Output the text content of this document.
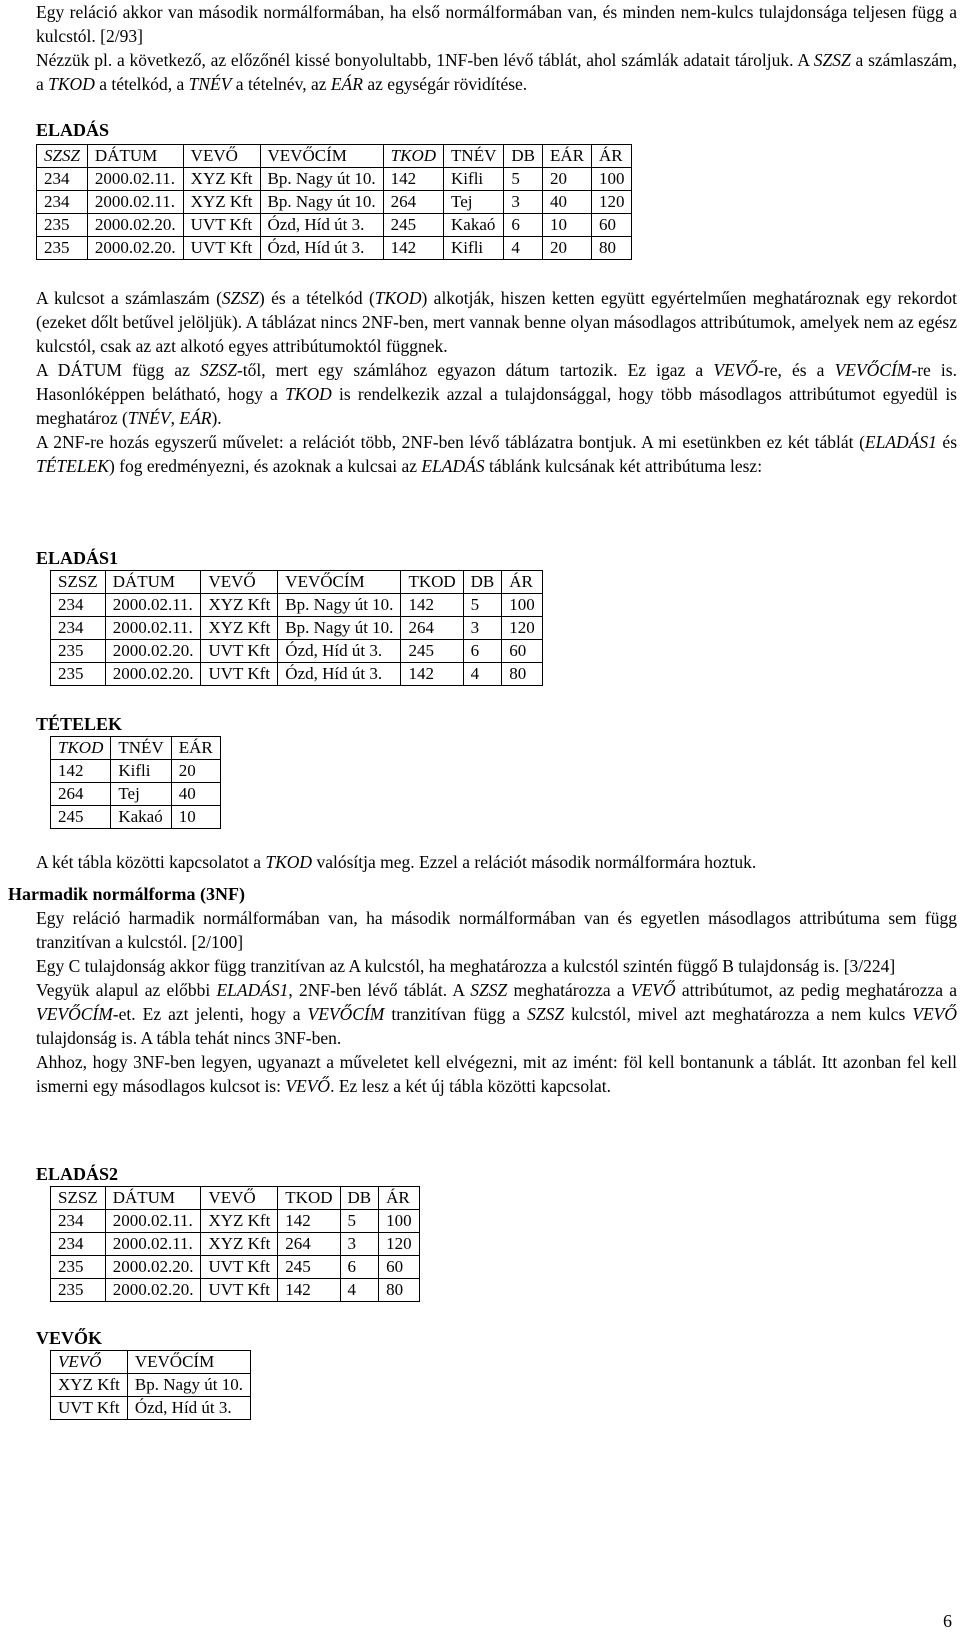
Egy reláció akkor van második normálformában, ha első normálformában van, és minden nem-kulcs tulajdonsága teljesen függ a kulcstól. [2/93]

Nézzük pl. a következő, az előzőnél kissé bonyolultabb, 1NF-ben lévő táblát, ahol számlák adatait tároljuk. A SZSZ a számlaszám, a TKOD a tételkód, a TNÉV a tételnév, az EÁR az egységár rövidítése.

ELADÁS
SZSZ	DÁTUM	VEVŐ	VEVŐCÍM	TKOD	TNÉV	DB	EÁR	ÁR
234	2000.02.11.	XYZ Kft	Bp. Nagy út 10.	142	Kifli	5	20	100
234	2000.02.11.	XYZ Kft	Bp. Nagy út 10.	264	Tej	3	40	120
235	2000.02.20.	UVT Kft	Ózd, Híd út 3.	245	Kakaó	6	10	60
235	2000.02.20.	UVT Kft	Ózd, Híd út 3.	142	Kifli	4	20	80

A kulcsot a számlaszám (SZSZ) és a tételkód (TKOD) alkotják, hiszen ketten együtt egyértelműen meghatároznak egy rekordot (ezeket dőlt betűvel jelöljük). A táblázat nincs 2NF-ben, mert vannak benne olyan másodlagos attribútumok, amelyek nem az egész kulcstól, csak az azt alkotó egyes attribútumoktól függnek.

A DÁTUM függ az SZSZ-től, mert egy számlához egyazon dátum tartozik. Ez igaz a VEVŐ-re, és a VEVŐCÍM-re is. Hasonlóképpen belátható, hogy a TKOD is rendelkezik azzal a tulajdonsággal, hogy több másodlagos attribútumot egyedül is meghatároz (TNÉV, EÁR).

A 2NF-re hozás egyszerű művelet: a relációt több, 2NF-ben lévő táblázatra bontjuk. A mi esetünkben ez két táblát (ELADÁS1 és TÉTELEK) fog eredményezni, és azoknak a kulcsai az ELADÁS táblánk kulcsának két attribútuma lesz:

ELADÁS1
SZSZ	DÁTUM	VEVŐ	VEVŐCÍM	TKOD	DB	ÁR
234	2000.02.11.	XYZ Kft	Bp. Nagy út 10.	142	5	100
234	2000.02.11.	XYZ Kft	Bp. Nagy út 10.	264	3	120
235	2000.02.20.	UVT Kft	Ózd, Híd út 3.	245	6	60
235	2000.02.20.	UVT Kft	Ózd, Híd út 3.	142	4	80
TÉTELEK
TKOD	TNÉV	EÁR
142	Kifli	20
264	Tej	40
245	Kakaó	10

A két tábla közötti kapcsolatot a TKOD valósítja meg. Ezzel a relációt második normálformára hoztuk.

Harmadik normálforma (3NF)

Egy reláció harmadik normálformában van, ha második normálformában van és egyetlen másodlagos attribútuma sem függ tranzitívan a kulcstól. [2/100]

Egy C tulajdonság akkor függ tranzitívan az A kulcstól, ha meghatározza a kulcstól szintén függő B tulajdonság is. [3/224]

Vegyük alapul az előbbi ELADÁS1, 2NF-ben lévő táblát. A SZSZ meghatározza a VEVŐ attribútumot, az pedig meghatározza a VEVŐCÍM-et. Ez azt jelenti, hogy a VEVŐCÍM tranzitívan függ a SZSZ kulcstól, mivel azt meghatározza a nem kulcs VEVŐ tulajdonság is. A tábla tehát nincs 3NF-ben.

Ahhoz, hogy 3NF-ben legyen, ugyanazt a műveletet kell elvégezni, mit az imént: föl kell bontanunk a táblát. Itt azonban fel kell ismerni egy másodlagos kulcsot is: VEVŐ. Ez lesz a két új tábla közötti kapcsolat.

ELADÁS2
SZSZ	DÁTUM	VEVŐ	TKOD	DB	ÁR
234	2000.02.11.	XYZ Kft	142	5	100
234	2000.02.11.	XYZ Kft	264	3	120
235	2000.02.20.	UVT Kft	245	6	60
235	2000.02.20.	UVT Kft	142	4	80
VEVŐK
VEVŐ	VEVŐCÍM
XYZ Kft	Bp. Nagy út 10.
UVT Kft	Ózd, Híd út 3.
6
